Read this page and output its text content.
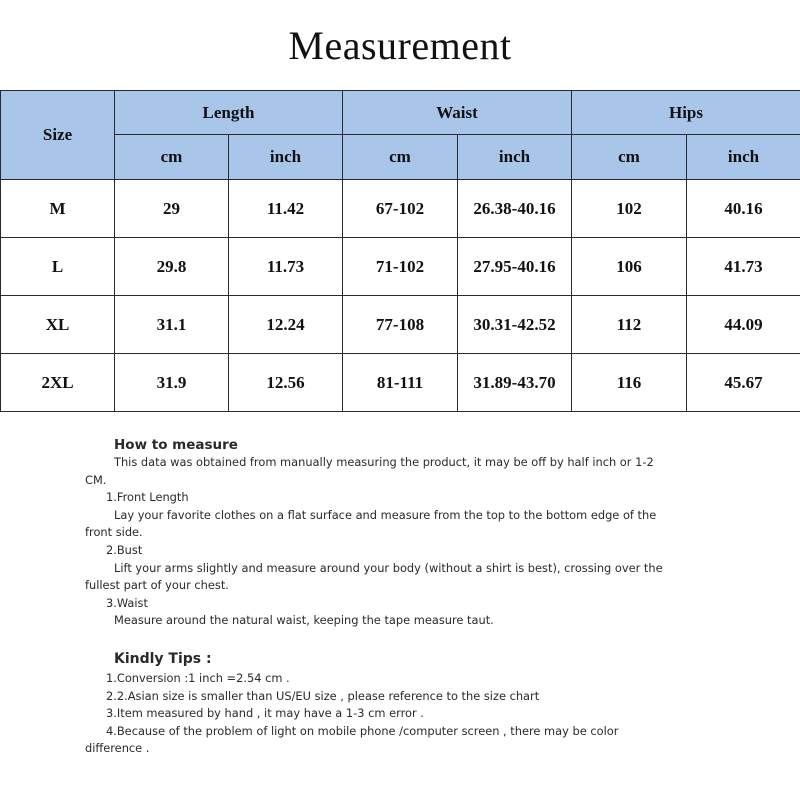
Measurement
Size	Length		Waist		Hips	
	cm	inch	cm	inch	cm	inch
M	29	11.42	67-102	26.38-40.16	102	40.16
L	29.8	11.73	71-102	27.95-40.16	106	41.73
XL	31.1	12.24	77-108	30.31-42.52	112	44.09
2XL	31.9	12.56	81-111	31.89-43.70	116	45.67
How to measure

This data was obtained from manually measuring the product, it may be off by half inch or 1-2 CM.

1.Front Length

Lay your favorite clothes on a flat surface and measure from the top to the bottom edge of the front side.

2.Bust

Lift your arms slightly and measure around your body (without a shirt is best), crossing over the fullest part of your chest.

3.Waist

Measure around the natural waist, keeping the tape measure taut.

Kindly Tips :

1.Conversion :1 inch =2.54 cm .

2.2.Asian size is smaller than US/EU size , please reference to the size chart

3.Item measured by hand , it may have a 1-3 cm error .

4.Because of the problem of light on mobile phone /computer screen , there may be color difference .
